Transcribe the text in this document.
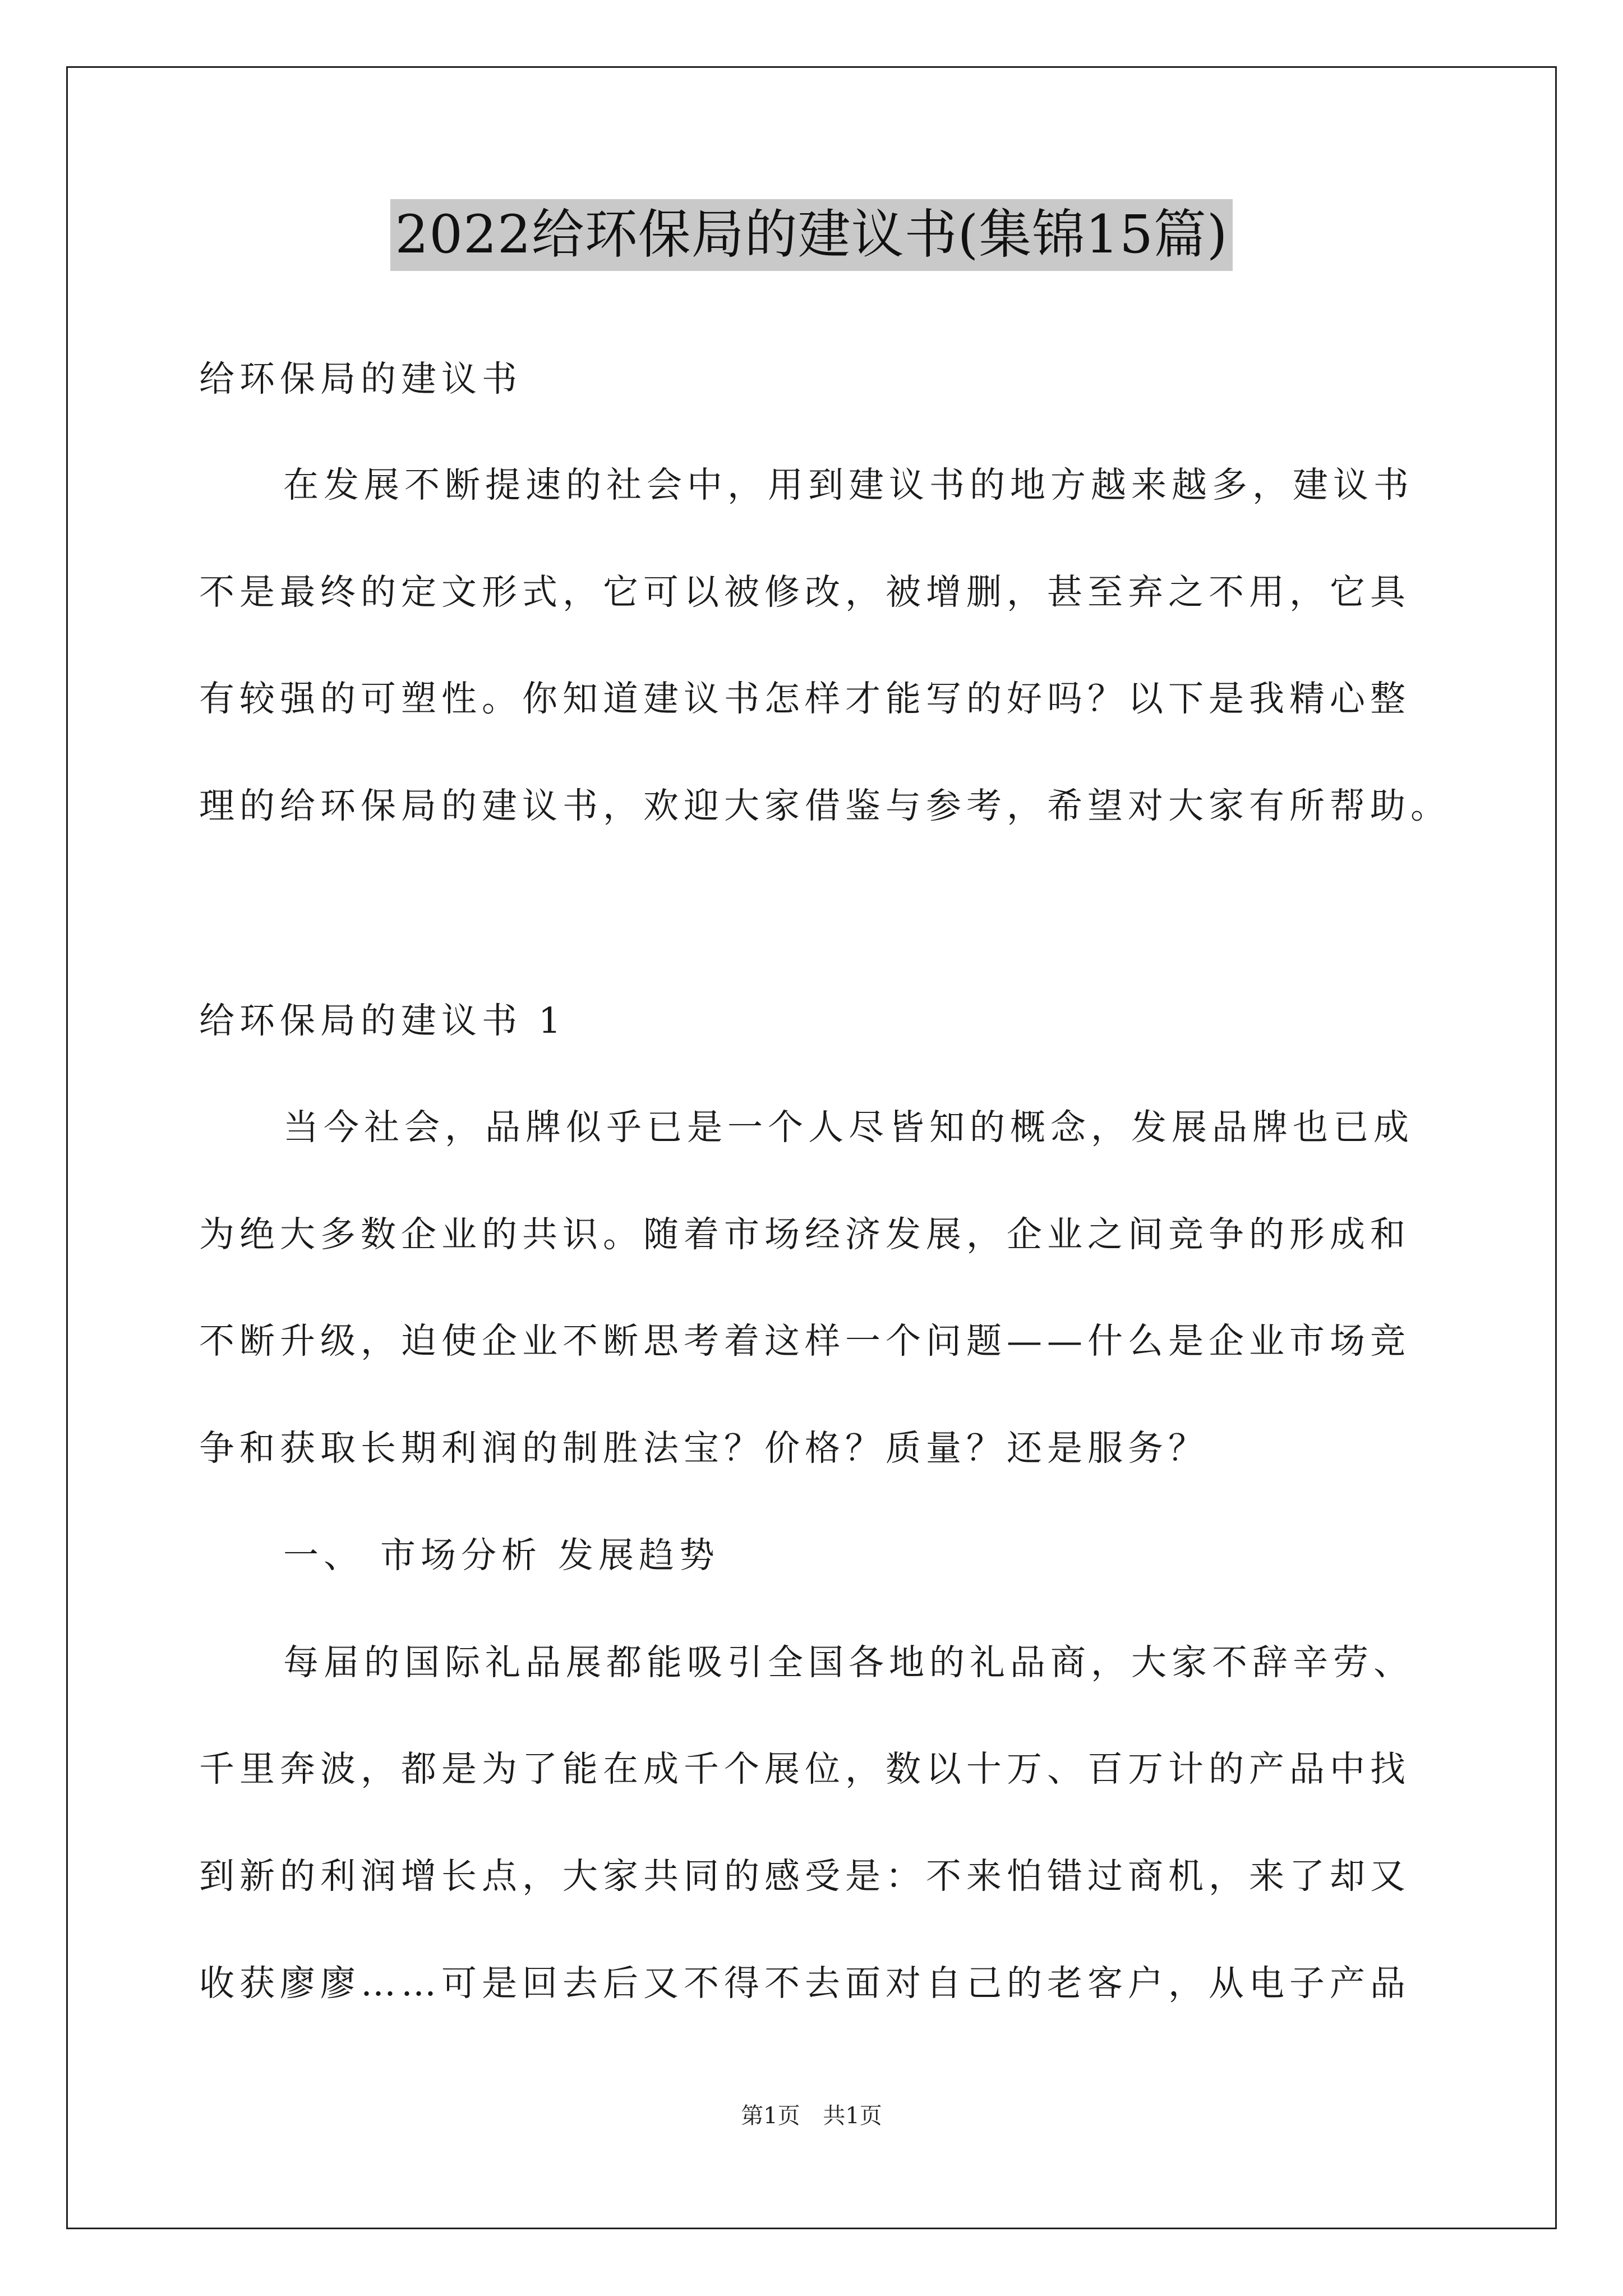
2022给环保局的建议书(集锦15篇)
给环保局的建议书
在发展不断提速的社会中，用到建议书的地方越来越多，建议书
不是最终的定文形式，它可以被修改，被增删，甚至弃之不用，它具
有较强的可塑性。你知道建议书怎样才能写的好吗？以下是我精心整
理的给环保局的建议书，欢迎大家借鉴与参考，希望对大家有所帮助。
给环保局的建议书 1
当今社会，品牌似乎已是一个人尽皆知的概念，发展品牌也已成
为绝大多数企业的共识。随着市场经济发展，企业之间竞争的形成和
不断升级，迫使企业不断思考着这样一个问题——什么是企业市场竞
争和获取长期利润的制胜法宝？价格？质量？还是服务？
一、 市场分析 发展趋势
每届的国际礼品展都能吸引全国各地的礼品商，大家不辞辛劳、
千里奔波，都是为了能在成千个展位，数以十万、百万计的产品中找
到新的利润增长点，大家共同的感受是：不来怕错过商机，来了却又
收获廖廖……可是回去后又不得不去面对自己的老客户，从电子产品
第1页 共1页
